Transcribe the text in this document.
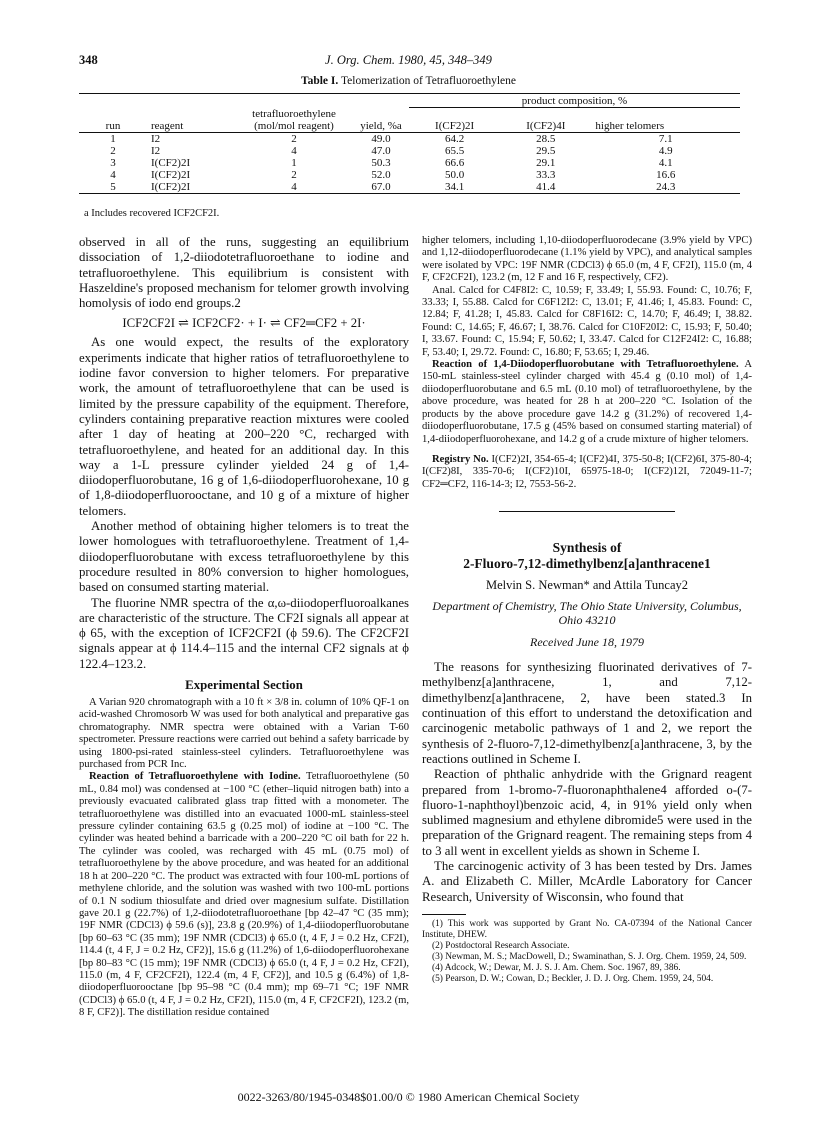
348	J. Org. Chem. 1980, 45, 348–349
Table I. Telomerization of Tetrafluoroethylene

				product composition, %		
run	reagent	tetrafluoroethylene (mol/mol reagent)	yield, %a	I(CF2)2I	I(CF2)4I	higher telomers
1	I2	2	49.0	64.2	28.5	7.1
2	I2	4	47.0	65.5	29.5	4.9
3	I(CF2)2I	1	50.3	66.6	29.1	4.1
4	I(CF2)2I	2	52.0	50.0	33.3	16.6
5	I(CF2)2I	4	67.0	34.1	41.4	24.3
a Includes recovered ICF2CF2I.

observed in all of the runs, suggesting an equilibrium dissociation of 1,2-diiodotetrafluoroethane to iodine and tetrafluoroethylene. This equilibrium is consistent with Haszeldine's proposed mechanism for telomer growth involving homolysis of iodo end groups.2

ICF2CF2I ⇌ ICF2CF2· + I· ⇌ CF2═CF2 + 2I·

As one would expect, the results of the exploratory experiments indicate that higher ratios of tetrafluoroethylene to iodine favor conversion to higher telomers. For preparative work, the amount of tetrafluoroethylene that can be used is limited by the pressure capability of the equipment. Therefore, cylinders containing preparative reaction mixtures were cooled after 1 day of heating at 200–220 °C, recharged with tetrafluoroethylene, and heated for an additional day. In this way a 1-L pressure cylinder yielded 24 g of 1,4-diiodoperfluorobutane, 16 g of 1,6-diiodoperfluorohexane, 10 g of 1,8-diiodoperfluorooctane, and 10 g of a mixture of higher telomers.

Another method of obtaining higher telomers is to treat the lower homologues with tetrafluoroethylene. Treatment of 1,4-diiodoperfluorobutane with excess tetrafluoroethylene by this procedure resulted in 80% conversion to higher homologues, based on consumed starting material.

The fluorine NMR spectra of the α,ω-diiodoperfluoroalkanes are characteristic of the structure. The CF2I signals all appear at ϕ 65, with the exception of ICF2CF2I (ϕ 59.6). The CF2CF2I signals appear at ϕ 114.4–115 and the internal CF2 signals at ϕ 122.4–123.2.

Experimental Section

A Varian 920 chromatograph with a 10 ft × 3/8 in. column of 10% QF-1 on acid-washed Chromosorb W was used for both analytical and preparative gas chromatography. NMR spectra were obtained with a Varian T-60 spectrometer. Pressure reactions were carried out behind a safety barricade by using 1800-psi-rated stainless-steel cylinders. Tetrafluoroethylene was purchased from PCR Inc.

Reaction of Tetrafluoroethylene with Iodine. Tetrafluoroethylene (50 mL, 0.84 mol) was condensed at −100 °C (ether–liquid nitrogen bath) into a previously evacuated calibrated glass trap fitted with a monometer. The tetrafluoroethylene was distilled into an evacuated 1000-mL stainless-steel pressure cylinder containing 63.5 g (0.25 mol) of iodine at −100 °C. The cylinder was heated behind a barricade with a 200–220 °C oil bath for 22 h. The cylinder was cooled, was recharged with 45 mL (0.75 mol) of tetrafluoroethylene by the above procedure, and was heated for an additional 18 h at 200–220 °C. The product was extracted with four 100-mL portions of methylene chloride, and the solution was washed with two 100-mL portions of 0.1 N sodium thiosulfate and dried over magnesium sulfate. Distillation gave 20.1 g (22.7%) of 1,2-diiodotetrafluoroethane [bp 42–47 °C (35 mm); 19F NMR (CDCl3) ϕ 59.6 (s)], 23.8 g (20.9%) of 1,4-diiodoperfluorobutane [bp 60–63 °C (35 mm); 19F NMR (CDCl3) ϕ 65.0 (t, 4 F, J = 0.2 Hz, CF2I), 114.4 (t, 4 F, J = 0.2 Hz, CF2)], 15.6 g (11.2%) of 1,6-diiodoperfluorohexane [bp 80–83 °C (15 mm); 19F NMR (CDCl3) ϕ 65.0 (t, 4 F, J = 0.2 Hz, CF2I), 115.0 (m, 4 F, CF2CF2I), 122.4 (m, 4 F, CF2)], and 10.5 g (6.4%) of 1,8-diiodoperfluorooctane [bp 95–98 °C (0.4 mm); mp 69–71 °C; 19F NMR (CDCl3) ϕ 65.0 (t, 4 F, J = 0.2 Hz, CF2I), 115.0 (m, 4 F, CF2CF2I), 123.2 (m, 8 F, CF2)]. The distillation residue contained

higher telomers, including 1,10-diiodoperfluorodecane (3.9% yield by VPC) and 1,12-diiodoperfluorodecane (1.1% yield by VPC), and analytical samples were isolated by VPC: 19F NMR (CDCl3) ϕ 65.0 (m, 4 F, CF2I), 115.0 (m, 4 F, CF2CF2I), 123.2 (m, 12 F and 16 F, respectively, CF2).

Anal. Calcd for C4F8I2: C, 10.59; F, 33.49; I, 55.93. Found: C, 10.76; F, 33.33; I, 55.88. Calcd for C6F12I2: C, 13.01; F, 41.46; I, 45.83. Found: C, 12.84; F, 41.28; I, 45.83. Calcd for C8F16I2: C, 14.70; F, 46.49; I, 38.82. Found: C, 14.65; F, 46.67; I, 38.76. Calcd for C10F20I2: C, 15.93; F, 50.40; I, 33.67. Found: C, 15.94; F, 50.62; I, 33.47. Calcd for C12F24I2: C, 16.88; F, 53.40; I, 29.72. Found: C, 16.80; F, 53.65; I, 29.46.

Reaction of 1,4-Diiodoperfluorobutane with Tetrafluoroethylene. A 150-mL stainless-steel cylinder charged with 45.4 g (0.10 mol) of 1,4-diiodoperfluorobutane and 6.5 mL (0.10 mol) of tetrafluoroethylene, by the above procedure, was heated for 28 h at 200–220 °C. Isolation of the products by the above procedure gave 14.2 g (31.2%) of recovered 1,4-diiodoperfluorobutane, 17.5 g (45% based on consumed starting material) of 1,4-diiodoperfluorohexane, and 14.2 g of a crude mixture of higher telomers.

Registry No. I(CF2)2I, 354-65-4; I(CF2)4I, 375-50-8; I(CF2)6I, 375-80-4; I(CF2)8I, 335-70-6; I(CF2)10I, 65975-18-0; I(CF2)12I, 72049-11-7; CF2═CF2, 116-14-3; I2, 7553-56-2.

Synthesis of
2-Fluoro-7,12-dimethylbenz[a]anthracene1
Melvin S. Newman* and Attila Tuncay2
Department of Chemistry, The Ohio State University, Columbus, Ohio 43210
Received June 18, 1979

The reasons for synthesizing fluorinated derivatives of 7-methylbenz[a]anthracene, 1, and 7,12-dimethylbenz[a]anthracene, 2, have been stated.3 In continuation of this effort to understand the detoxification and carcinogenic metabolic pathways of 1 and 2, we report the synthesis of 2-fluoro-7,12-dimethylbenz[a]anthracene, 3, by the reactions outlined in Scheme I.

Reaction of phthalic anhydride with the Grignard reagent prepared from 1-bromo-7-fluoronaphthalene4 afforded o-(7-fluoro-1-naphthoyl)benzoic acid, 4, in 91% yield only when sublimed magnesium and ethylene dibromide5 were used in the preparation of the Grignard reagent. The remaining steps from 4 to 3 all went in excellent yields as shown in Scheme I.

The carcinogenic activity of 3 has been tested by Drs. James A. and Elizabeth C. Miller, McArdle Laboratory for Cancer Research, University of Wisconsin, who found that

(1) This work was supported by Grant No. CA-07394 of the National Cancer Institute, DHEW.

(2) Postdoctoral Research Associate.

(3) Newman, M. S.; MacDowell, D.; Swaminathan, S. J. Org. Chem. 1959, 24, 509.

(4) Adcock, W.; Dewar, M. J. S. J. Am. Chem. Soc. 1967, 89, 386.

(5) Pearson, D. W.; Cowan, D.; Beckler, J. D. J. Org. Chem. 1959, 24, 504.

0022-3263/80/1945-0348$01.00/0 © 1980 American Chemical Society
